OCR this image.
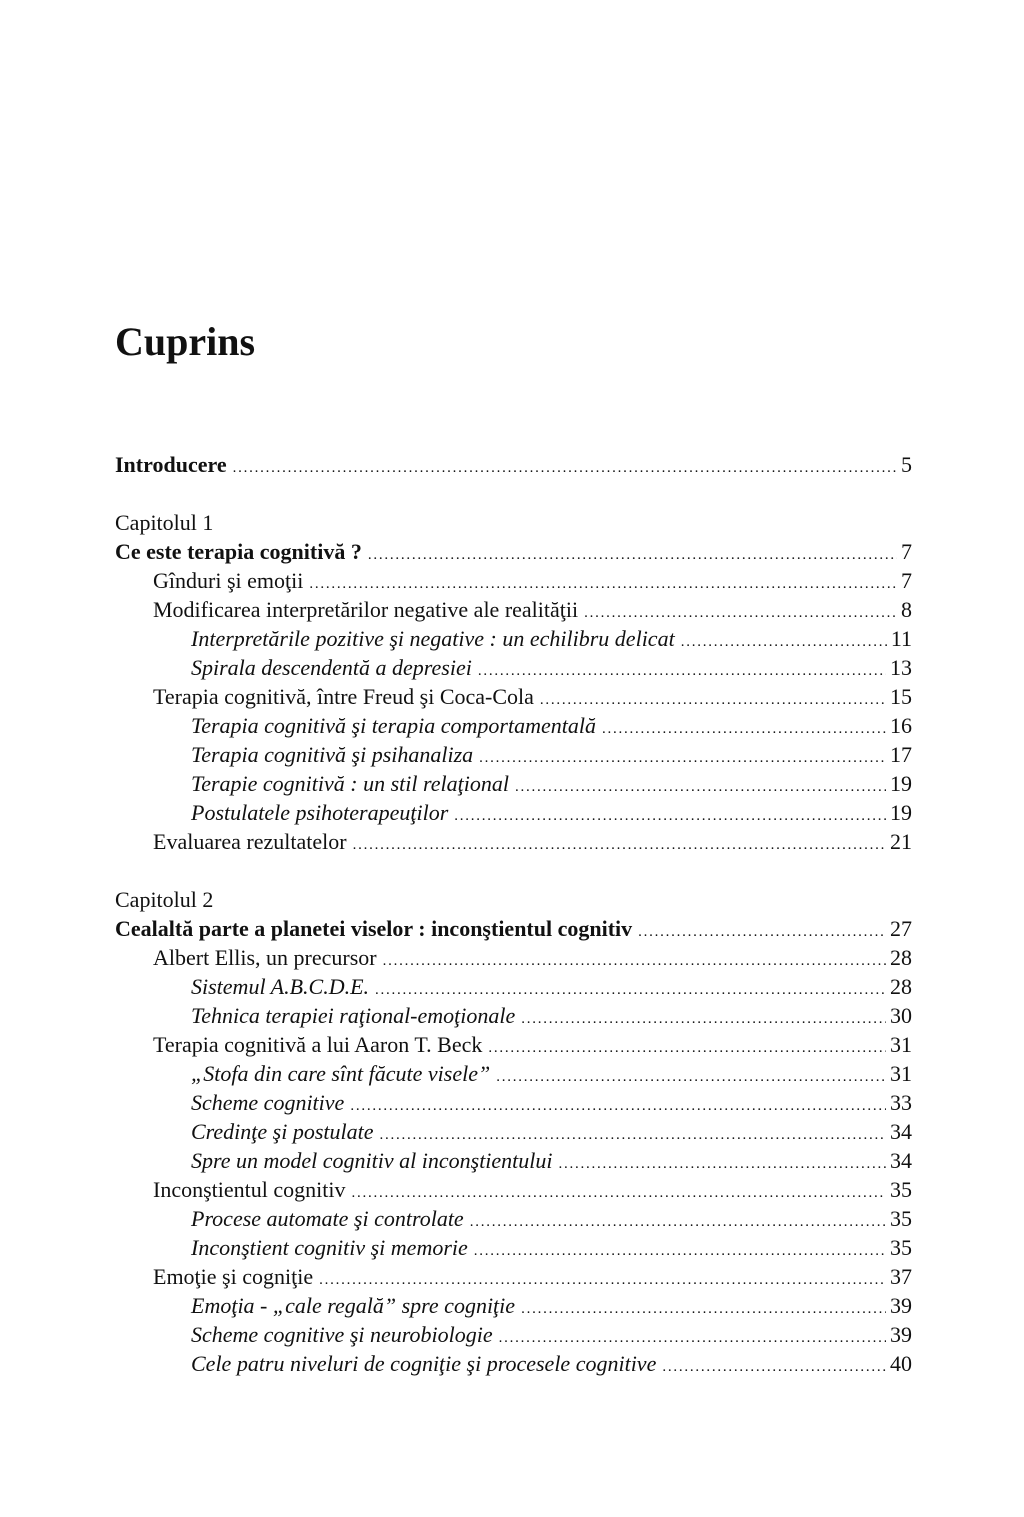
Cuprins
Introducere . . .	5
Capitolul 1
Ce este terapia cognitivă ? . . .	7
Gînduri şi emoţii . . .	7
Modificarea interpretărilor negative ale realităţii . . .	8
Interpretările pozitive şi negative : un echilibru delicat . . .	11
Spirala descendentă a depresiei . . .	13
Terapia cognitivă, între Freud şi Coca-Cola . . .	15
Terapia cognitivă şi terapia comportamentală . . .	16
Terapia cognitivă şi psihanaliza . . .	17
Terapie cognitivă : un stil relaţional . . .	19
Postulatele psihoterapeuţilor . . .	19
Evaluarea rezultatelor . . .	21
Capitolul 2
Cealaltă parte a planetei viselor : inconştientul cognitiv . . .	27
Albert Ellis, un precursor . . .	28
Sistemul A.B.C.D.E. . . .	28
Tehnica terapiei raţional-emoţionale . . .	30
Terapia cognitivă a lui Aaron T. Beck . . .	31
„Stofa din care sînt făcute visele” . . .	31
Scheme cognitive . . .	33
Credinţe şi postulate . . .	34
Spre un model cognitiv al inconştientului . . .	34
Inconştientul cognitiv . . .	35
Procese automate şi controlate . . .	35
Inconştient cognitiv şi memorie . . .	35
Emoţie şi cogniţie . . .	37
Emoţia - „cale regală” spre cogniţie . . .	39
Scheme cognitive şi neurobiologie . . .	39
Cele patru niveluri de cogniţie şi procesele cognitive . . .	40
